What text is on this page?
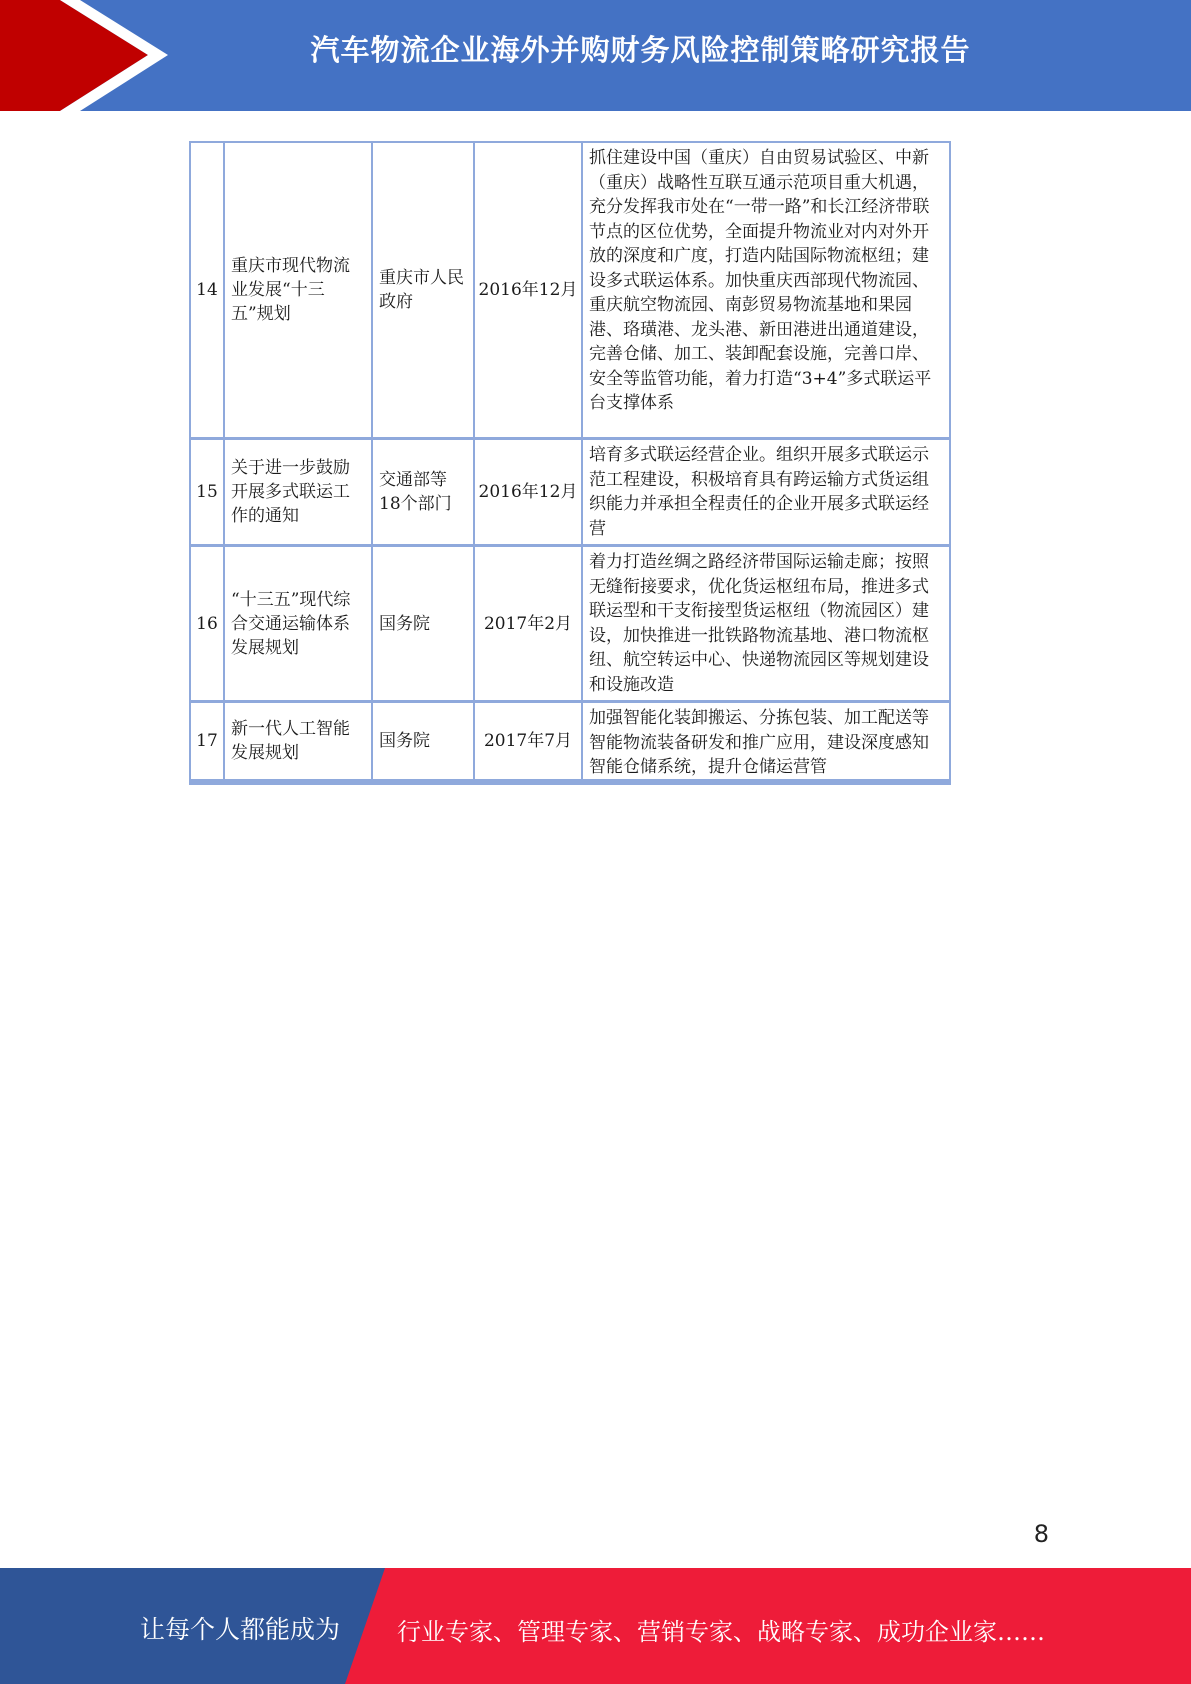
汽车物流企业海外并购财务风险控制策略研究报告
14	重庆市现代物流业发展“十三五”规划	重庆市人民政府	2016年12月	抓住建设中国（重庆）自由贸易试验区、中新（重庆）战略性互联互通示范项目重大机遇，充分发挥我市处在“一带一路”和长江经济带联节点的区位优势，全面提升物流业对内对外开放的深度和广度，打造内陆国际物流枢纽；建设多式联运体系。加快重庆西部现代物流园、重庆航空物流园、南彭贸易物流基地和果园港、珞璜港、龙头港、新田港进出通道建设，完善仓储、加工、装卸配套设施，完善口岸、安全等监管功能，着力打造“3+4”多式联运平台支撑体系
15	关于进一步鼓励开展多式联运工作的通知	交通部等18个部门	2016年12月	培育多式联运经营企业。组织开展多式联运示范工程建设，积极培育具有跨运输方式货运组织能力并承担全程责任的企业开展多式联运经营
16	“十三五”现代综合交通运输体系发展规划	国务院	2017年2月	着力打造丝绸之路经济带国际运输走廊；按照无缝衔接要求，优化货运枢纽布局，推进多式联运型和干支衔接型货运枢纽（物流园区）建设，加快推进一批铁路物流基地、港口物流枢纽、航空转运中心、快递物流园区等规划建设和设施改造
17	新一代人工智能发展规划	国务院	2017年7月	加强智能化装卸搬运、分拣包装、加工配送等智能物流装备研发和推广应用，建设深度感知智能仓储系统，提升仓储运营管
8
让每个人都能成为 行业专家、管理专家、营销专家、战略专家、成功企业家……
